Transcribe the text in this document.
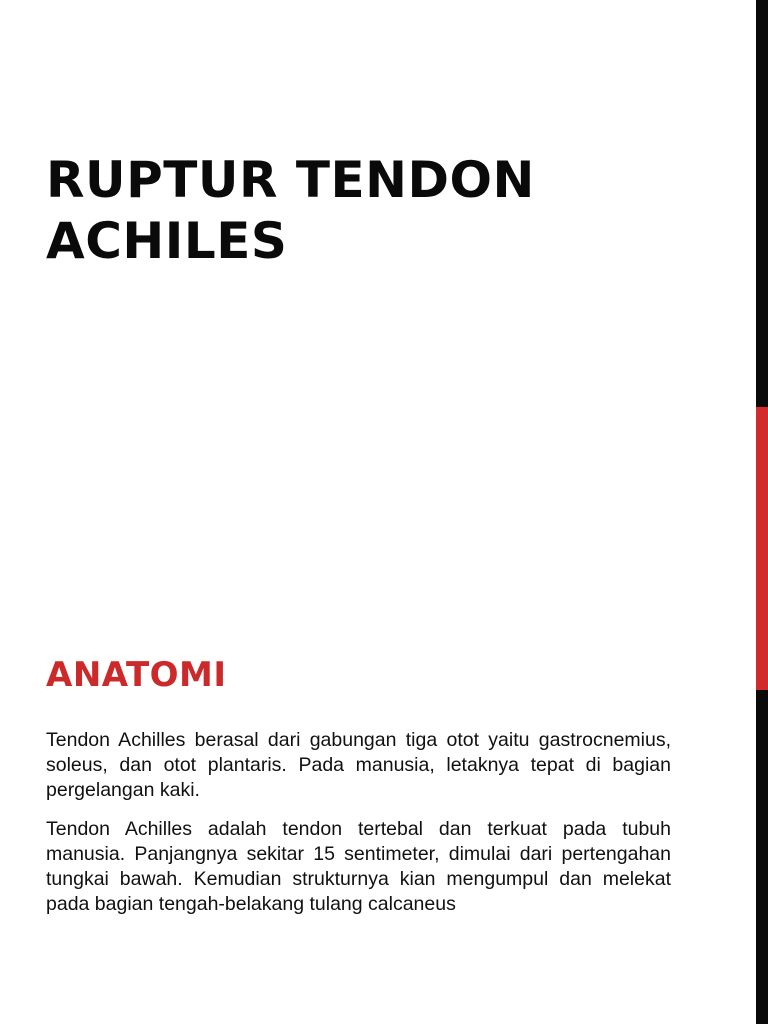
RUPTUR TENDON
ACHILES
ANATOMI

Tendon Achilles berasal dari gabungan tiga otot yaitu gastrocnemius, soleus, dan otot plantaris. Pada manusia, letaknya tepat di bagian pergelangan kaki.

Tendon Achilles adalah tendon tertebal dan terkuat pada tubuh manusia. Panjangnya sekitar 15 sentimeter, dimulai dari pertengahan tungkai bawah. Kemudian strukturnya kian mengumpul dan melekat pada bagian tengah-belakang tulang calcaneus
